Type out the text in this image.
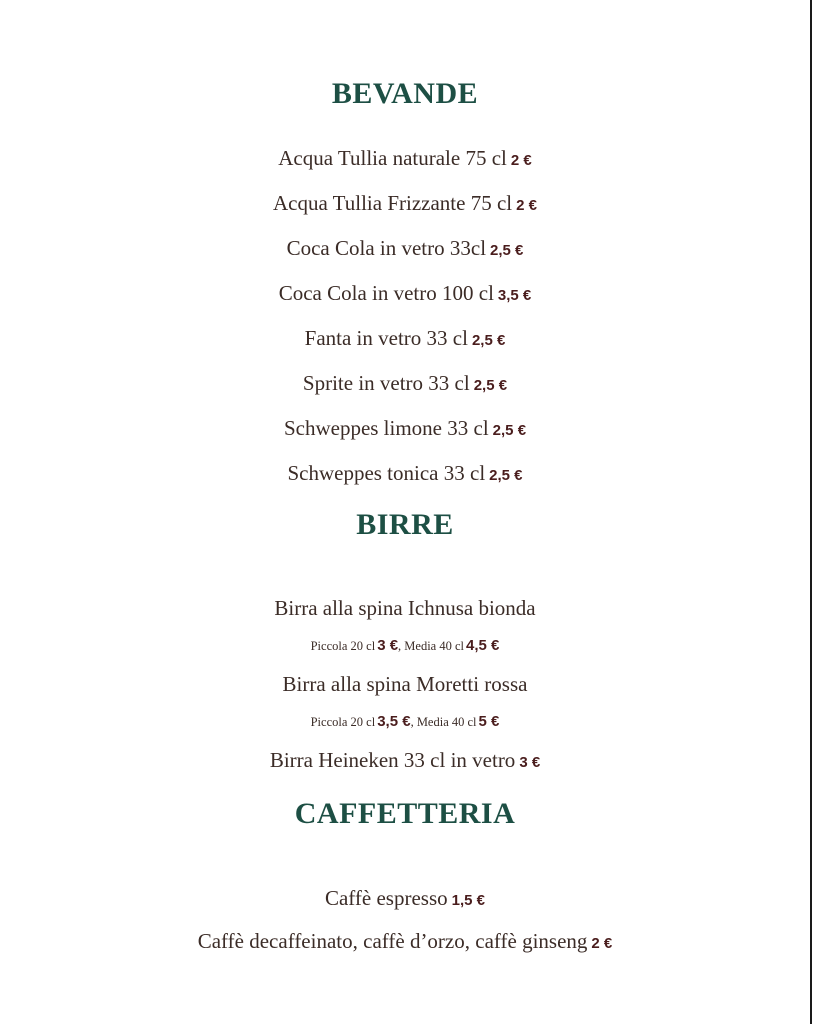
BEVANDE
Acqua Tullia naturale 75 cl 2 €
Acqua Tullia Frizzante 75 cl 2 €
Coca Cola in vetro 33cl 2,5 €
Coca Cola in vetro 100 cl 3,5 €
Fanta in vetro 33 cl 2,5 €
Sprite in vetro 33 cl 2,5 €
Schweppes limone 33 cl 2,5 €
Schweppes tonica 33 cl 2,5 €
BIRRE
Birra alla spina Ichnusa bionda
Piccola 20 cl 3 €, Media 40 cl 4,5 €
Birra alla spina Moretti rossa
Piccola 20 cl 3,5 €, Media 40 cl 5 €
Birra Heineken 33 cl in vetro 3 €
CAFFETTERIA
Caffè espresso 1,5 €
Caffè decaffeinato, caffè d’orzo, caffè ginseng 2 €
